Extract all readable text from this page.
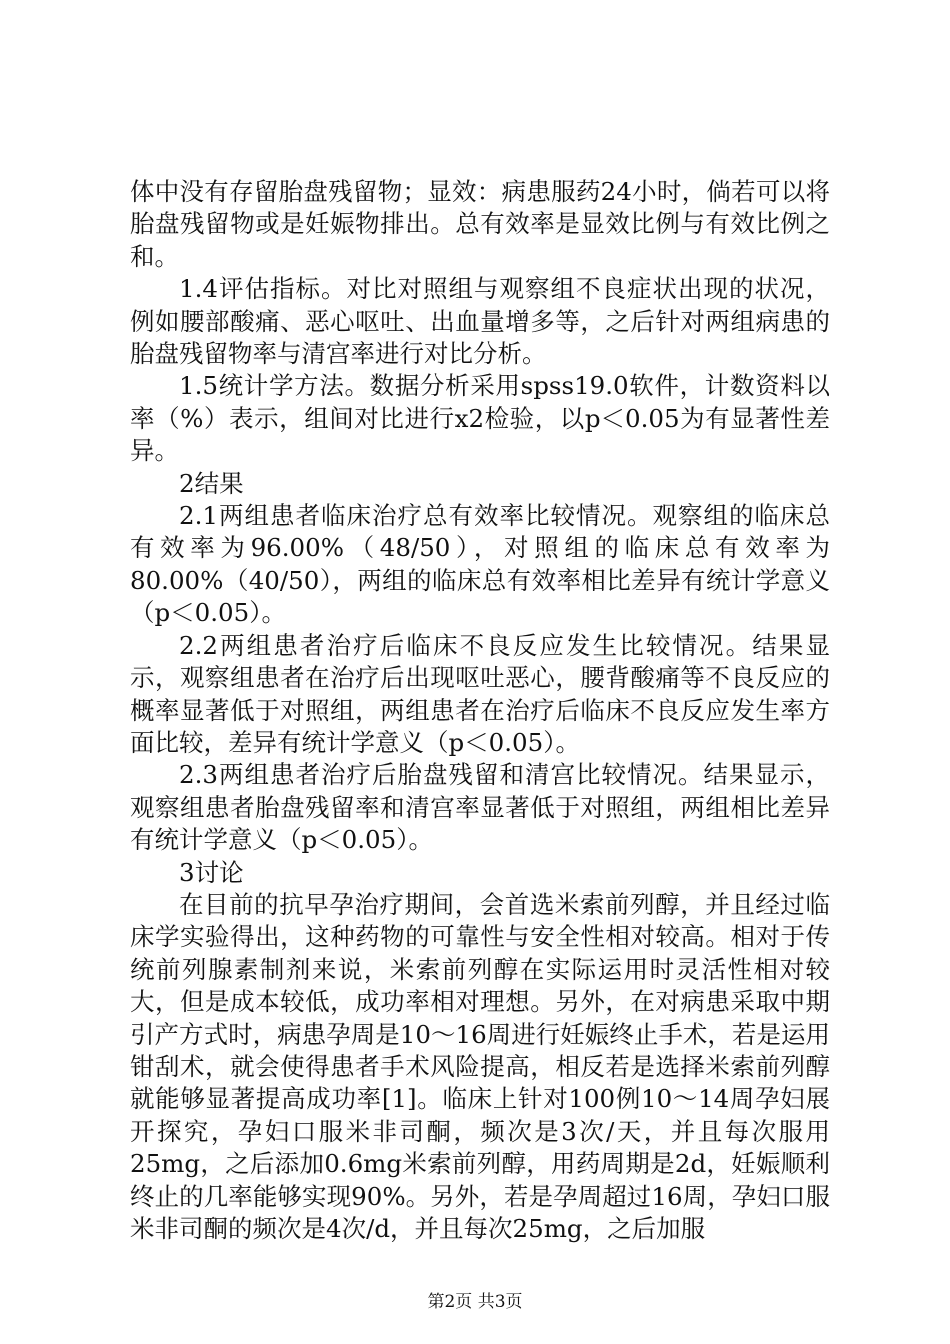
体中没有存留胎盘残留物；显效：病患服药24小时，倘若可以将胎盘残留物或是妊娠物排出。总有效率是显效比例与有效比例之和。

1.4评估指标。对比对照组与观察组不良症状出现的状况，例如腰部酸痛、恶心呕吐、出血量增多等，之后针对两组病患的胎盘残留物率与清宫率进行对比分析。

1.5统计学方法。数据分析采用spss19.0软件，计数资料以率（%）表示，组间对比进行x2检验，以p＜0.05为有显著性差异。

2结果

2.1两组患者临床治疗总有效率比较情况。观察组的临床总有效率为96.00%（48/50），对照组的临床总有效率为80.00%（40/50），两组的临床总有效率相比差异有统计学意义（p＜0.05）。

2.2两组患者治疗后临床不良反应发生比较情况。结果显示，观察组患者在治疗后出现呕吐恶心，腰背酸痛等不良反应的概率显著低于对照组，两组患者在治疗后临床不良反应发生率方面比较，差异有统计学意义（p＜0.05）。

2.3两组患者治疗后胎盘残留和清宫比较情况。结果显示，观察组患者胎盘残留率和清宫率显著低于对照组，两组相比差异有统计学意义（p＜0.05）。

3讨论

在目前的抗早孕治疗期间，会首选米索前列醇，并且经过临床学实验得出，这种药物的可靠性与安全性相对较高。相对于传统前列腺素制剂来说，米索前列醇在实际运用时灵活性相对较大，但是成本较低，成功率相对理想。另外，在对病患采取中期引产方式时，病患孕周是10～16周进行妊娠终止手术，若是运用钳刮术，就会使得患者手术风险提高，相反若是选择米索前列醇就能够显著提高成功率[1]。临床上针对100例10～14周孕妇展开探究，孕妇口服米非司酮，频次是3次/天，并且每次服用25mg，之后添加0.6mg米索前列醇，用药周期是2d，妊娠顺利终止的几率能够实现90%。另外，若是孕周超过16周，孕妇口服米非司酮的频次是4次/d，并且每次25mg，之后加服

第2页 共3页
